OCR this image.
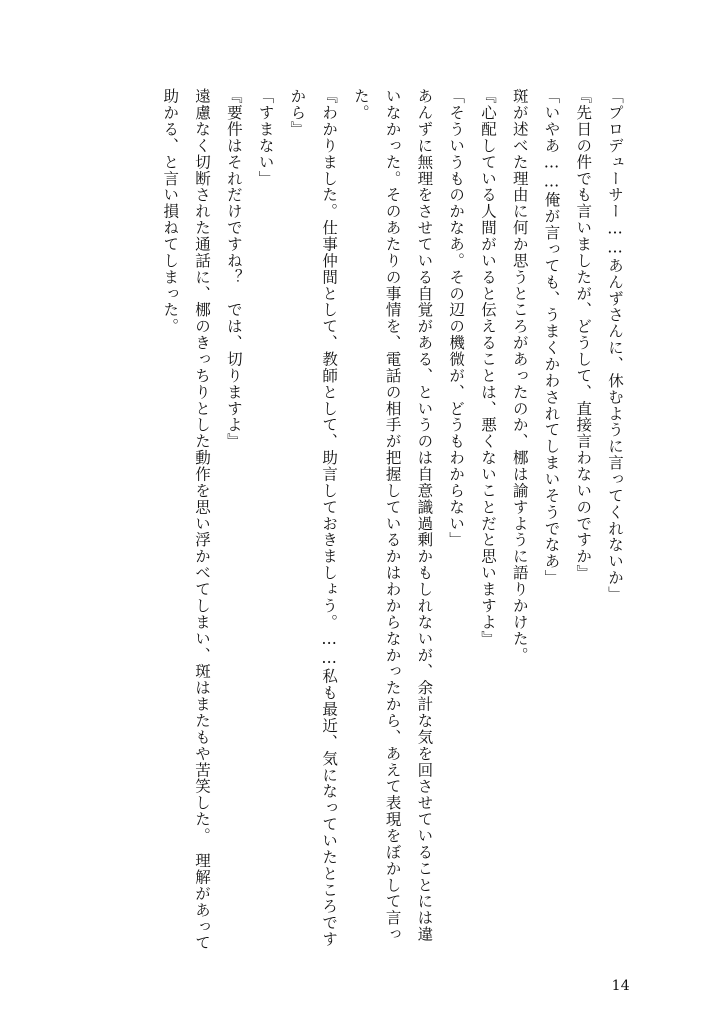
「プロデューサー……あんずさんに、休むように言ってくれないか」

『先日の件でも言いましたが、どうして、直接言わないのですか』

「いやあ……俺が言っても、うまくかわされてしまいそうでなあ」

斑が述べた理由に何か思うところがあったのか、梛は諭すように語りかけた。

『心配している人間がいると伝えることは、悪くないことだと思いますよ』

「そういうものかなあ。その辺の機微が、どうもわからない」

あんずに無理をさせている自覚がある、というのは自意識過剰かもしれないが、余計な気を回させていることには違いなかった。そのあたりの事情を、電話の相手が把握しているかはわからなかったから、あえて表現をぼかして言った。

『わかりました。仕事仲間として、教師として、助言しておきましょう。……私も最近、気になっていたところですから』

「すまない」

『要件はそれだけですね？　では、切りますよ』

遠慮なく切断された通話に、梛のきっちりとした動作を思い浮かべてしまい、斑はまたもや苦笑した。　理解があって助かる、と言い損ねてしまった。

14
